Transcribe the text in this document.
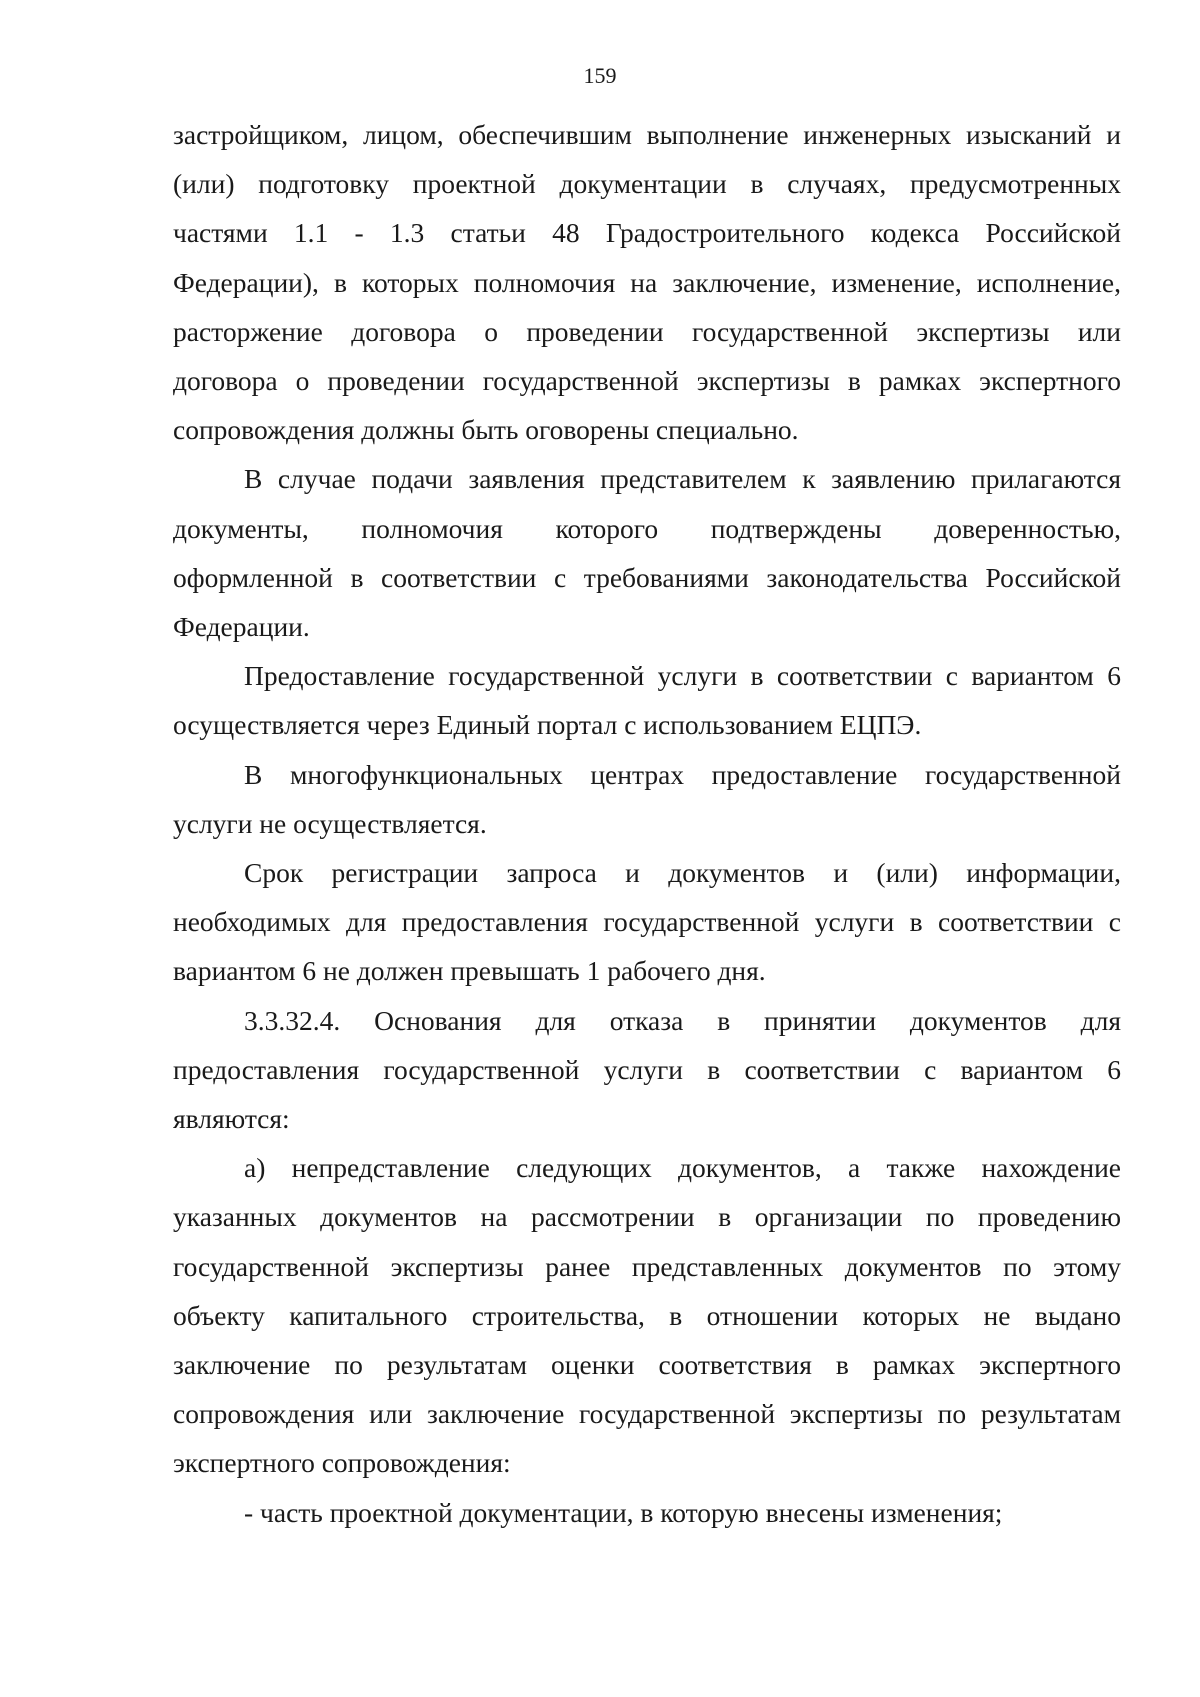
159
застройщиком, лицом, обеспечившим выполнение инженерных изысканий и
(или) подготовку проектной документации в случаях, предусмотренных
частями 1.1 - 1.3 статьи 48 Градостроительного кодекса Российской
Федерации), в которых полномочия на заключение, изменение, исполнение,
расторжение договора о проведении государственной экспертизы или
договора о проведении государственной экспертизы в рамках экспертного
сопровождения должны быть оговорены специально.
В случае подачи заявления представителем к заявлению прилагаются
документы, полномочия которого подтверждены доверенностью,
оформленной в соответствии с требованиями законодательства Российской
Федерации.
Предоставление государственной услуги в соответствии с вариантом 6
осуществляется через Единый портал с использованием ЕЦПЭ.
В многофункциональных центрах предоставление государственной
услуги не осуществляется.
Срок регистрации запроса и документов и (или) информации,
необходимых для предоставления государственной услуги в соответствии с
вариантом 6 не должен превышать 1 рабочего дня.
3.3.32.4. Основания для отказа в принятии документов для
предоставления государственной услуги в соответствии с вариантом 6
являются:
а) непредставление следующих документов, а также нахождение
указанных документов на рассмотрении в организации по проведению
государственной экспертизы ранее представленных документов по этому
объекту капитального строительства, в отношении которых не выдано
заключение по результатам оценки соответствия в рамках экспертного
сопровождения или заключение государственной экспертизы по результатам
экспертного сопровождения:
- часть проектной документации, в которую внесены изменения;
